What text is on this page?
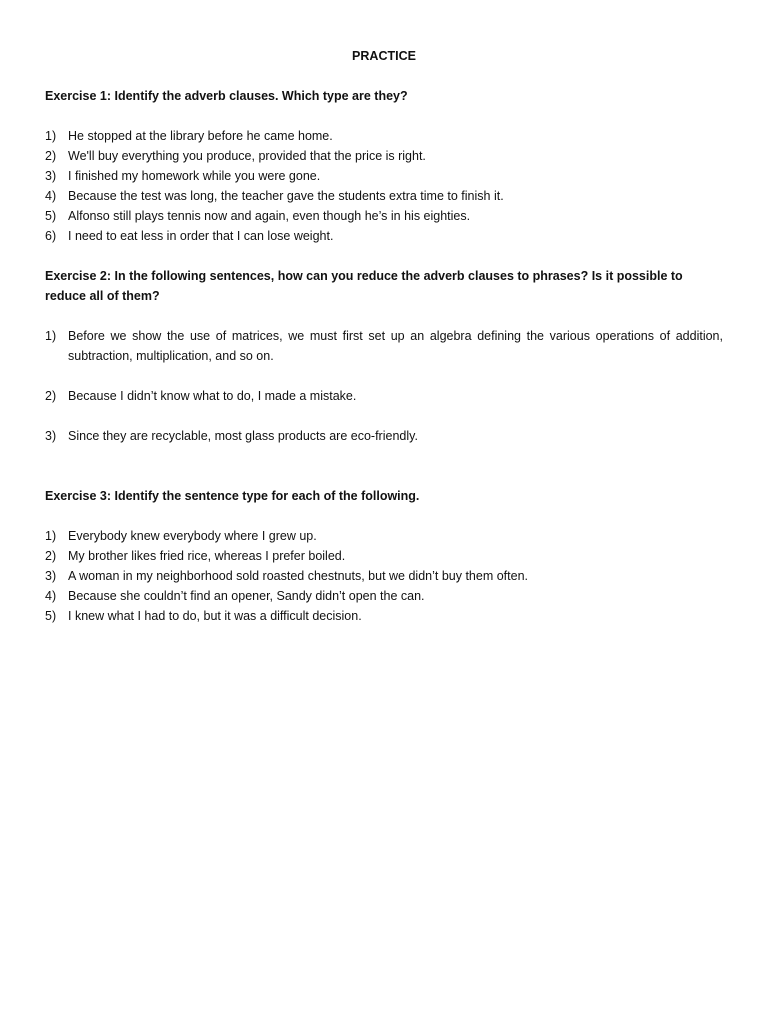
PRACTICE

Exercise 1: Identify the adverb clauses. Which type are they?

1) He stopped at the library before he came home.
2) We'll buy everything you produce, provided that the price is right.
3) I finished my homework while you were gone.
4) Because the test was long, the teacher gave the students extra time to finish it.
5) Alfonso still plays tennis now and again, even though he’s in his eighties.
6) I need to eat less in order that I can lose weight.

Exercise 2: In the following sentences, how can you reduce the adverb clauses to phrases? Is it possible to reduce all of them?

1) Before we show the use of matrices, we must first set up an algebra defining the various operations of addition, subtraction, multiplication, and so on.
2) Because I didn’t know what to do, I made a mistake.
3) Since they are recyclable, most glass products are eco-friendly.

Exercise 3: Identify the sentence type for each of the following.

1) Everybody knew everybody where I grew up.
2) My brother likes fried rice, whereas I prefer boiled.
3) A woman in my neighborhood sold roasted chestnuts, but we didn’t buy them often.
4) Because she couldn’t find an opener, Sandy didn’t open the can.
5) I knew what I had to do, but it was a difficult decision.
